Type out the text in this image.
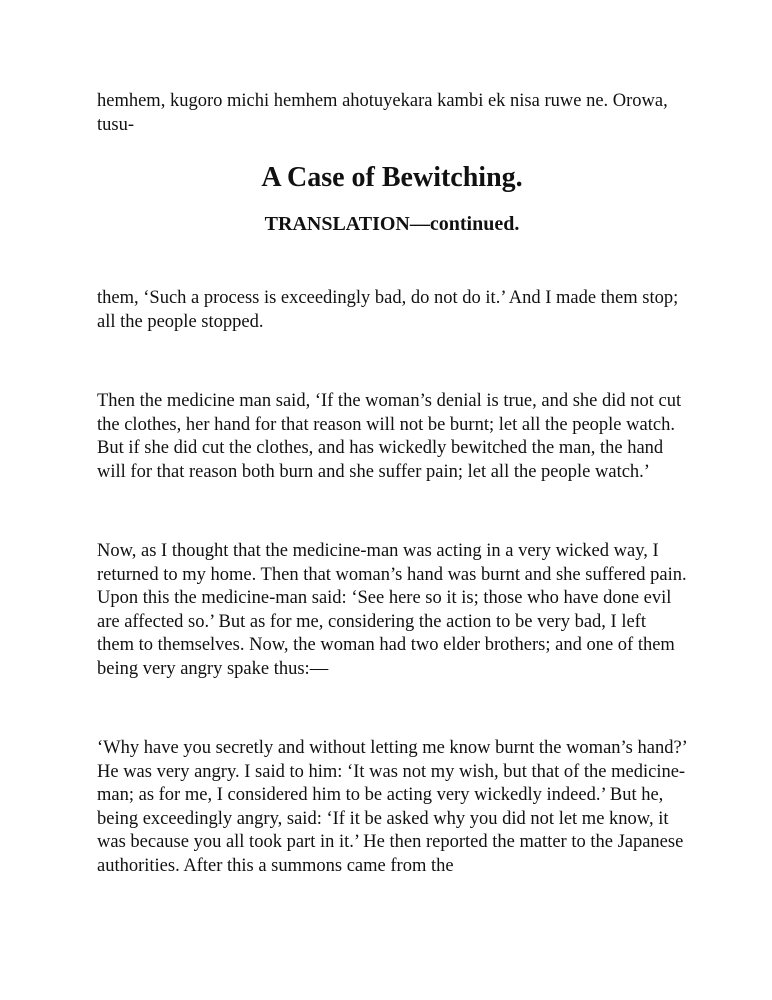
hemhem, kugoro michi hemhem ahotuyekara kambi ek nisa ruwe ne. Orowa, tusu-

A Case of Bewitching.
TRANSLATION—continued.

them, ‘Such a process is exceedingly bad, do not do it.’ And I made them stop; all the people stopped.

Then the medicine man said, ‘If the woman’s denial is true, and she did not cut the clothes, her hand for that reason will not be burnt; let all the people watch. But if she did cut the clothes, and has wickedly bewitched the man, the hand will for that reason both burn and she suffer pain; let all the people watch.’

Now, as I thought that the medicine-man was acting in a very wicked way, I returned to my home. Then that woman’s hand was burnt and she suffered pain. Upon this the medicine-man said: ‘See here so it is; those who have done evil are affected so.’ But as for me, considering the action to be very bad, I left them to themselves. Now, the woman had two elder brothers; and one of them being very angry spake thus:—

‘Why have you secretly and without letting me know burnt the woman’s hand?’ He was very angry. I said to him: ‘It was not my wish, but that of the medicine-man; as for me, I considered him to be acting very wickedly indeed.’ But he, being exceedingly angry, said: ‘If it be asked why you did not let me know, it was because you all took part in it.’ He then reported the matter to the Japanese authorities. After this a summons came from the
